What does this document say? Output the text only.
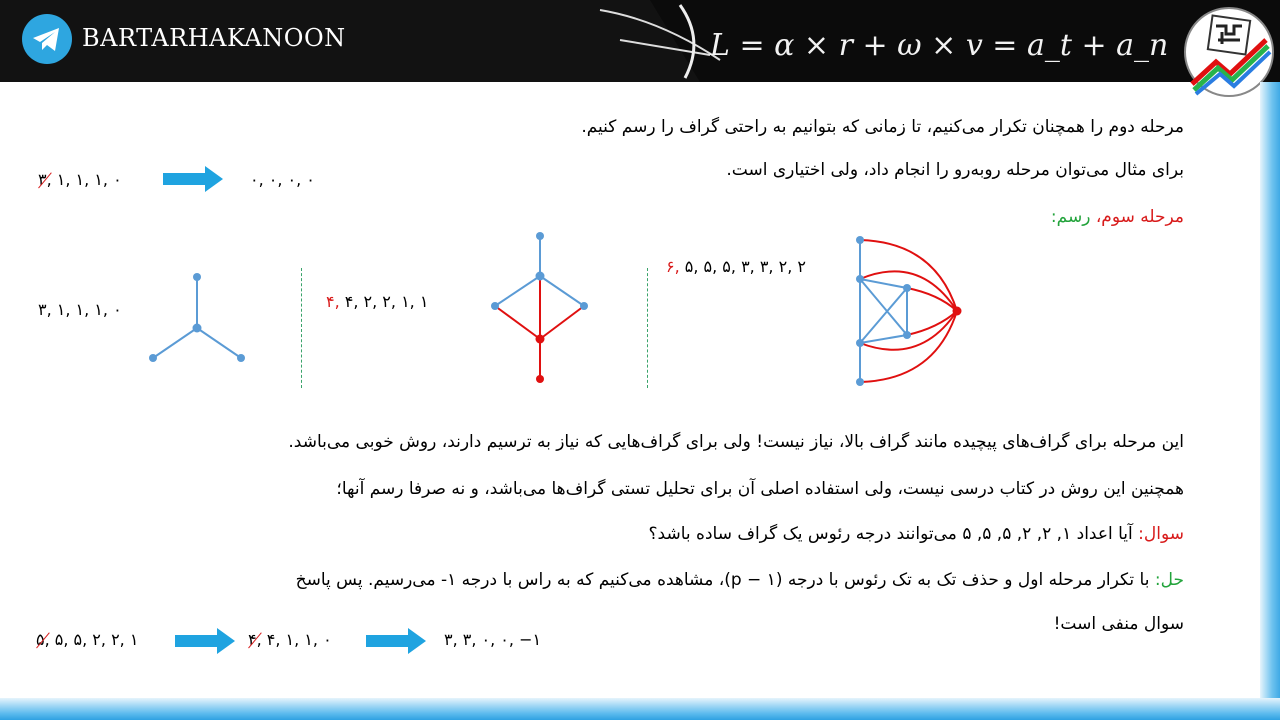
L = α × r + ω × v = a_t + a_n
BARTARHAKANOON
مرحله دوم را همچنان تکرار می‌کنیم، تا زمانی که بتوانیم به راحتی گراف را رسم کنیم.
برای مثال می‌توان مرحله روبه‌رو را انجام داد، ولی اختیاری است.
مرحله سوم، رسم:
۳, ۱, ۱, ۱, ۰	۰, ۰, ۰, ۰
۳, ۱, ۱, ۱, ۰	۴, ۴, ۲, ۲, ۱, ۱
۶, ۵, ۵, ۵, ۳, ۳, ۲, ۲
این مرحله برای گراف‌های پیچیده مانند گراف بالا، نیاز نیست! ولی برای گراف‌هایی که نیاز به ترسیم دارند، روش خوبی می‌باشد.
همچنین این روش در کتاب درسی نیست، ولی استفاده اصلی آن برای تحلیل تستی گراف‌ها می‌باشد، و نه صرفا رسم آنها؛
سوال: آیا اعداد ۱, ۲, ۲, ۵, ۵, ۵ می‌توانند درجه رئوس یک گراف ساده باشد؟
حل: با تکرار مرحله اول و حذف تک به تک رئوس با درجه (p − ۱)، مشاهده می‌کنیم که به راس با درجه ۱- می‌رسیم. پس پاسخ
سوال منفی است!
۵, ۵, ۵, ۲, ۲, ۱	۴, ۴, ۱, ۱, ۰	۳, ۳, ۰, ۰, −۱
